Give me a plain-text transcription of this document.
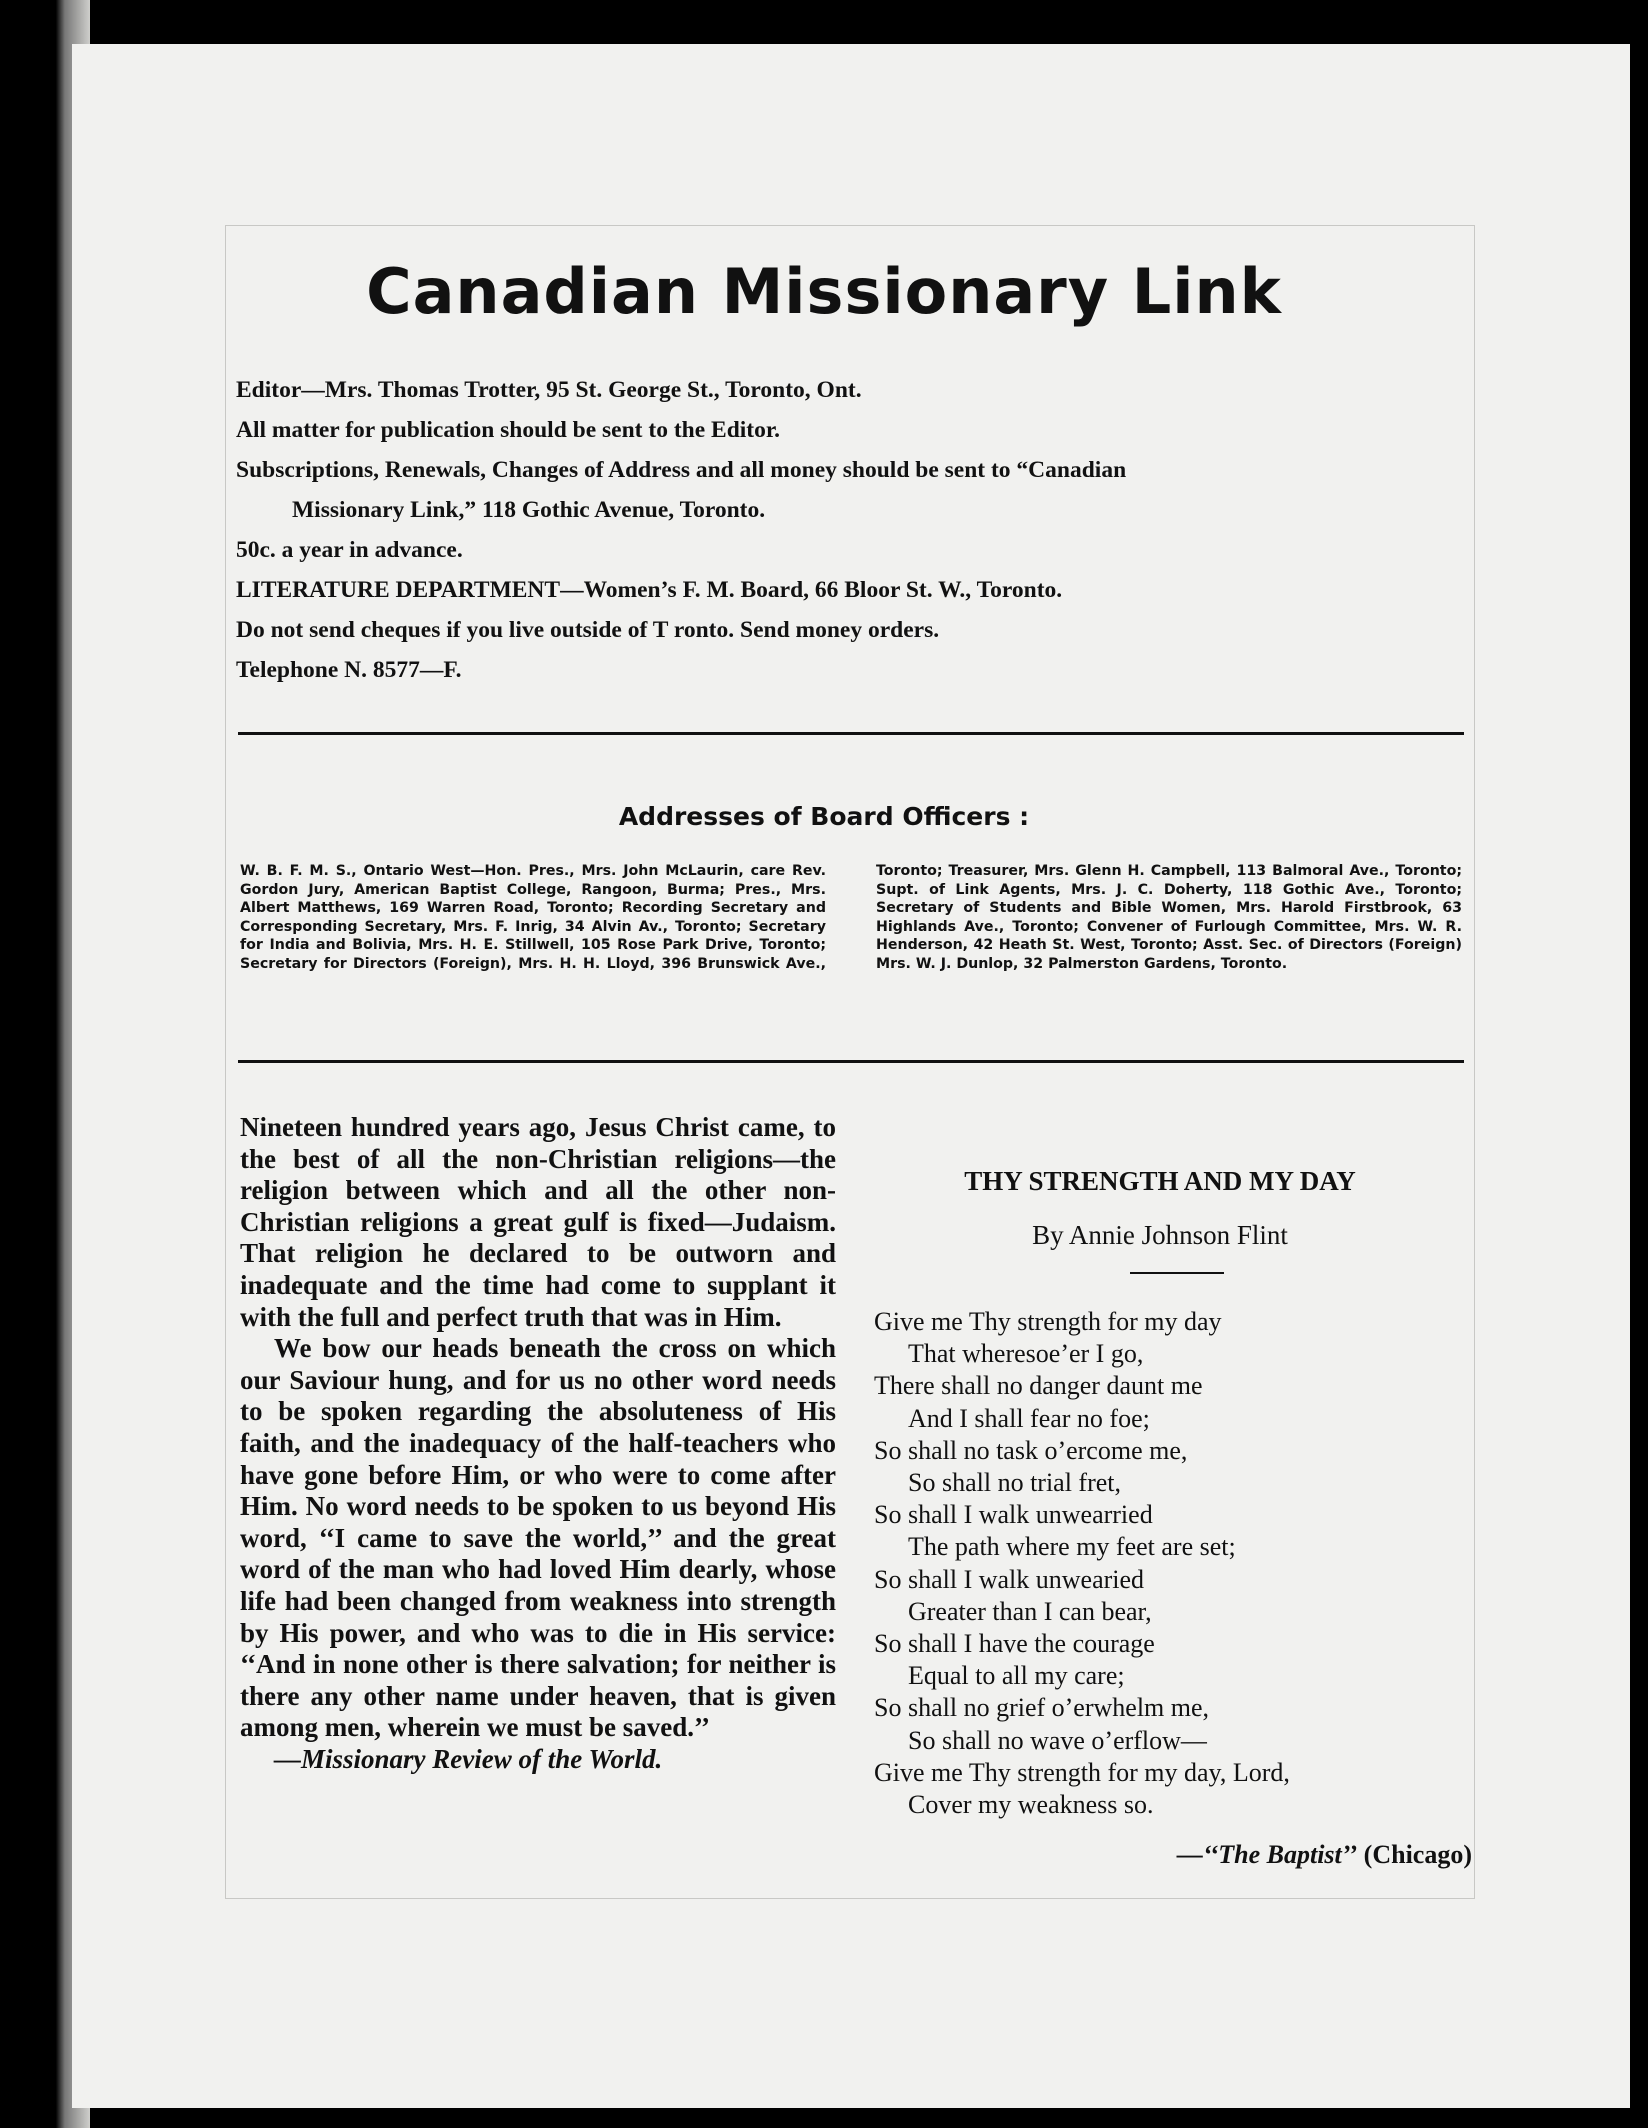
Canadian Missionary Link

Editor—Mrs. Thomas Trotter, 95 St. George St., Toronto, Ont.

All matter for publication should be sent to the Editor.

Subscriptions, Renewals, Changes of Address and all money should be sent to “Canadian

Missionary Link,” 118 Gothic Avenue, Toronto.

50c. a year in advance.

LITERATURE DEPARTMENT—Women’s F. M. Board, 66 Bloor St. W., Toronto.

Do not send cheques if you live outside of T ronto. Send money orders.

Telephone N. 8577—F.

Addresses of Board Officers :
W. B. F. M. S., Ontario West—Hon. Pres., Mrs. John McLaurin, care Rev. Gordon Jury, American Baptist College, Rangoon, Burma; Pres., Mrs. Albert Matthews, 169 Warren Road, Toronto; Recording Secretary and Corresponding Secretary, Mrs. F. Inrig, 34 Alvin Av., Toronto; Secretary for India and Bolivia, Mrs. H. E. Stillwell, 105 Rose Park Drive, Toronto; Secretary for Directors (Foreign), Mrs. H. H. Lloyd, 396 Brunswick Ave., Toronto; Treasurer, Mrs. Glenn H. Campbell, 113 Balmoral Ave., Toronto; Supt. of Link Agents, Mrs. J. C. Doherty, 118 Gothic Ave., Toronto; Secretary of Students and Bible Women, Mrs. Harold Firstbrook, 63 Highlands Ave., Toronto; Convener of Furlough Committee, Mrs. W. R. Henderson, 42 Heath St. West, Toronto; Asst. Sec. of Directors (Foreign) Mrs. W. J. Dunlop, 32 Palmerston Gardens, Toronto.

Nineteen hundred years ago, Jesus Christ came, to the best of all the non-Christian religions—the religion between which and all the other non-Christian religions a great gulf is fixed—Judaism. That religion he declared to be outworn and inadequate and the time had come to supplant it with the full and perfect truth that was in Him.

We bow our heads beneath the cross on which our Saviour hung, and for us no other word needs to be spoken regarding the absoluteness of His faith, and the inadequacy of the half-teachers who have gone before Him, or who were to come after Him. No word needs to be spoken to us beyond His word, ‘‘I came to save the world,’’ and the great word of the man who had loved Him dearly, whose life had been changed from weakness into strength by His power, and who was to die in His service: ‘‘And in none other is there salvation; for neither is there any other name under heaven, that is given among men, wherein we must be saved.’’

—Missionary Review of the World.

THY STRENGTH AND MY DAY
By Annie Johnson Flint
Give me Thy strength for my day
That wheresoe’er I go,
There shall no danger daunt me
And I shall fear no foe;
So shall no task o’ercome me,
So shall no trial fret,
So shall I walk unwearried
The path where my feet are set;
So shall I walk unwearied
Greater than I can bear,
So shall I have the courage
Equal to all my care;
So shall no grief o’erwhelm me,
So shall no wave o’erflow—
Give me Thy strength for my day, Lord,
Cover my weakness so.
—‘‘The Baptist’’ (Chicago)
